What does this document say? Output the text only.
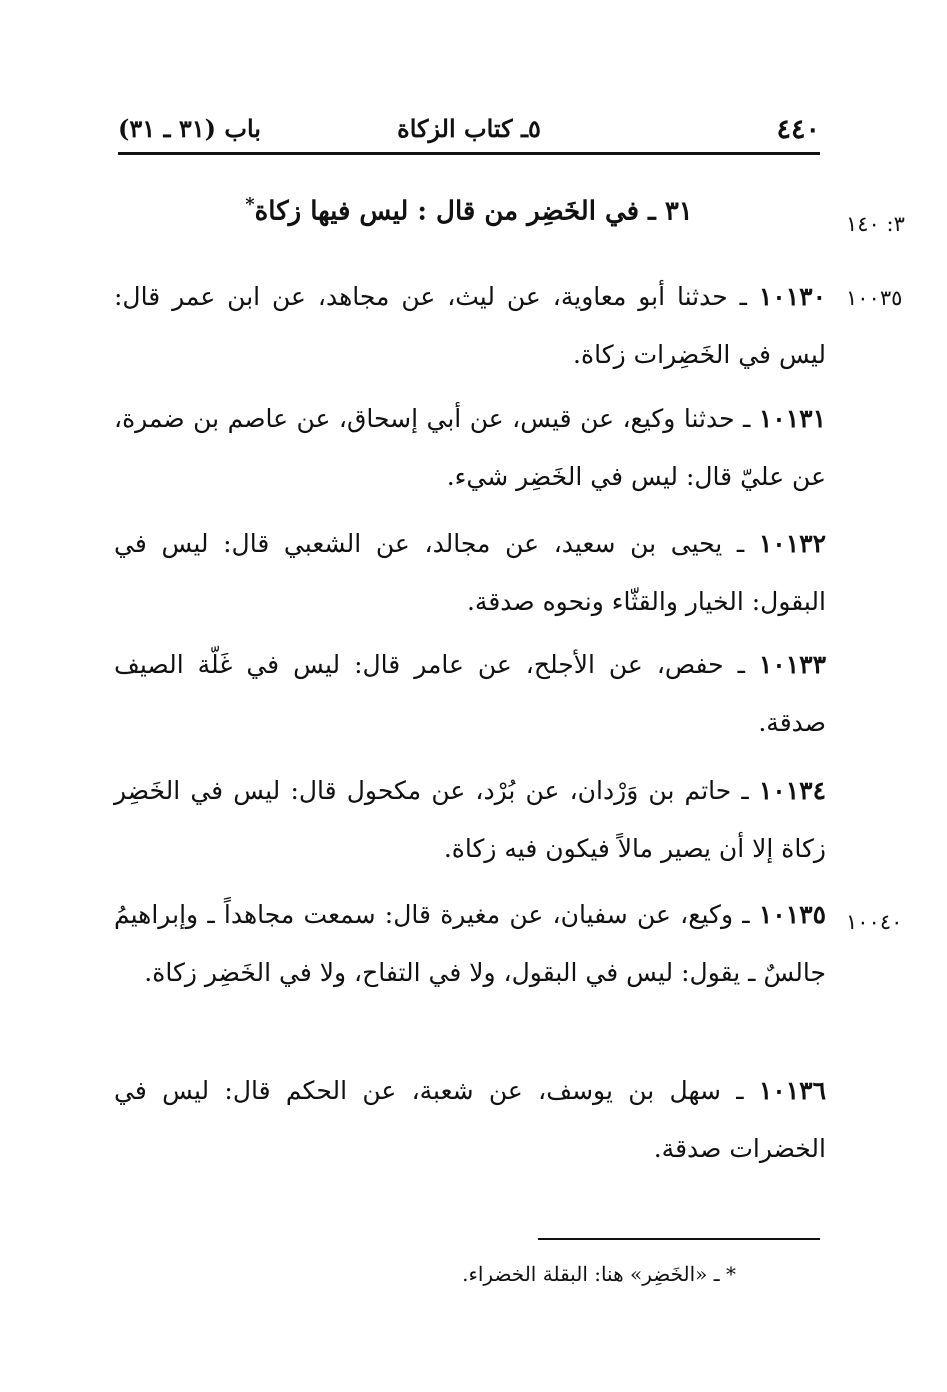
٤٤٠
٥ـ كتاب الزكاة
باب (٣١ ـ ٣١)
٣: ١٤٠
٣١ ـ في الخَضِر من قال : ليس فيها زكاة*
١٠٠٣٥
١٠١٣٠ ـ حدثنا أبو معاوية، عن ليث، عن مجاهد، عن ابن عمر قال: ليس في الخَضِرات زكاة.
١٠١٣١ ـ حدثنا وكيع، عن قيس، عن أبي إسحاق، عن عاصم بن ضمرة، عن عليّ قال: ليس في الخَضِر شيء.
١٠١٣٢ ـ يحيى بن سعيد، عن مجالد، عن الشعبي قال: ليس في البقول: الخيار والقثّاء ونحوه صدقة.
١٠١٣٣ ـ حفص، عن الأجلح، عن عامر قال: ليس في غَلّة الصيف صدقة.
١٠١٣٤ ـ حاتم بن وَرْدان، عن بُرْد، عن مكحول قال: ليس في الخَضِر زكاة إلا أن يصير مالاً فيكون فيه زكاة.
١٠٠٤٠
١٠١٣٥ ـ وكيع، عن سفيان، عن مغيرة قال: سمعت مجاهداً ـ وإبراهيمُ جالسٌ ـ يقول: ليس في البقول، ولا في التفاح، ولا في الخَضِر زكاة.
١٠١٣٦ ـ سهل بن يوسف، عن شعبة، عن الحكم قال: ليس في الخضرات صدقة.
* ـ «الخَضِر» هنا: البقلة الخضراء.
